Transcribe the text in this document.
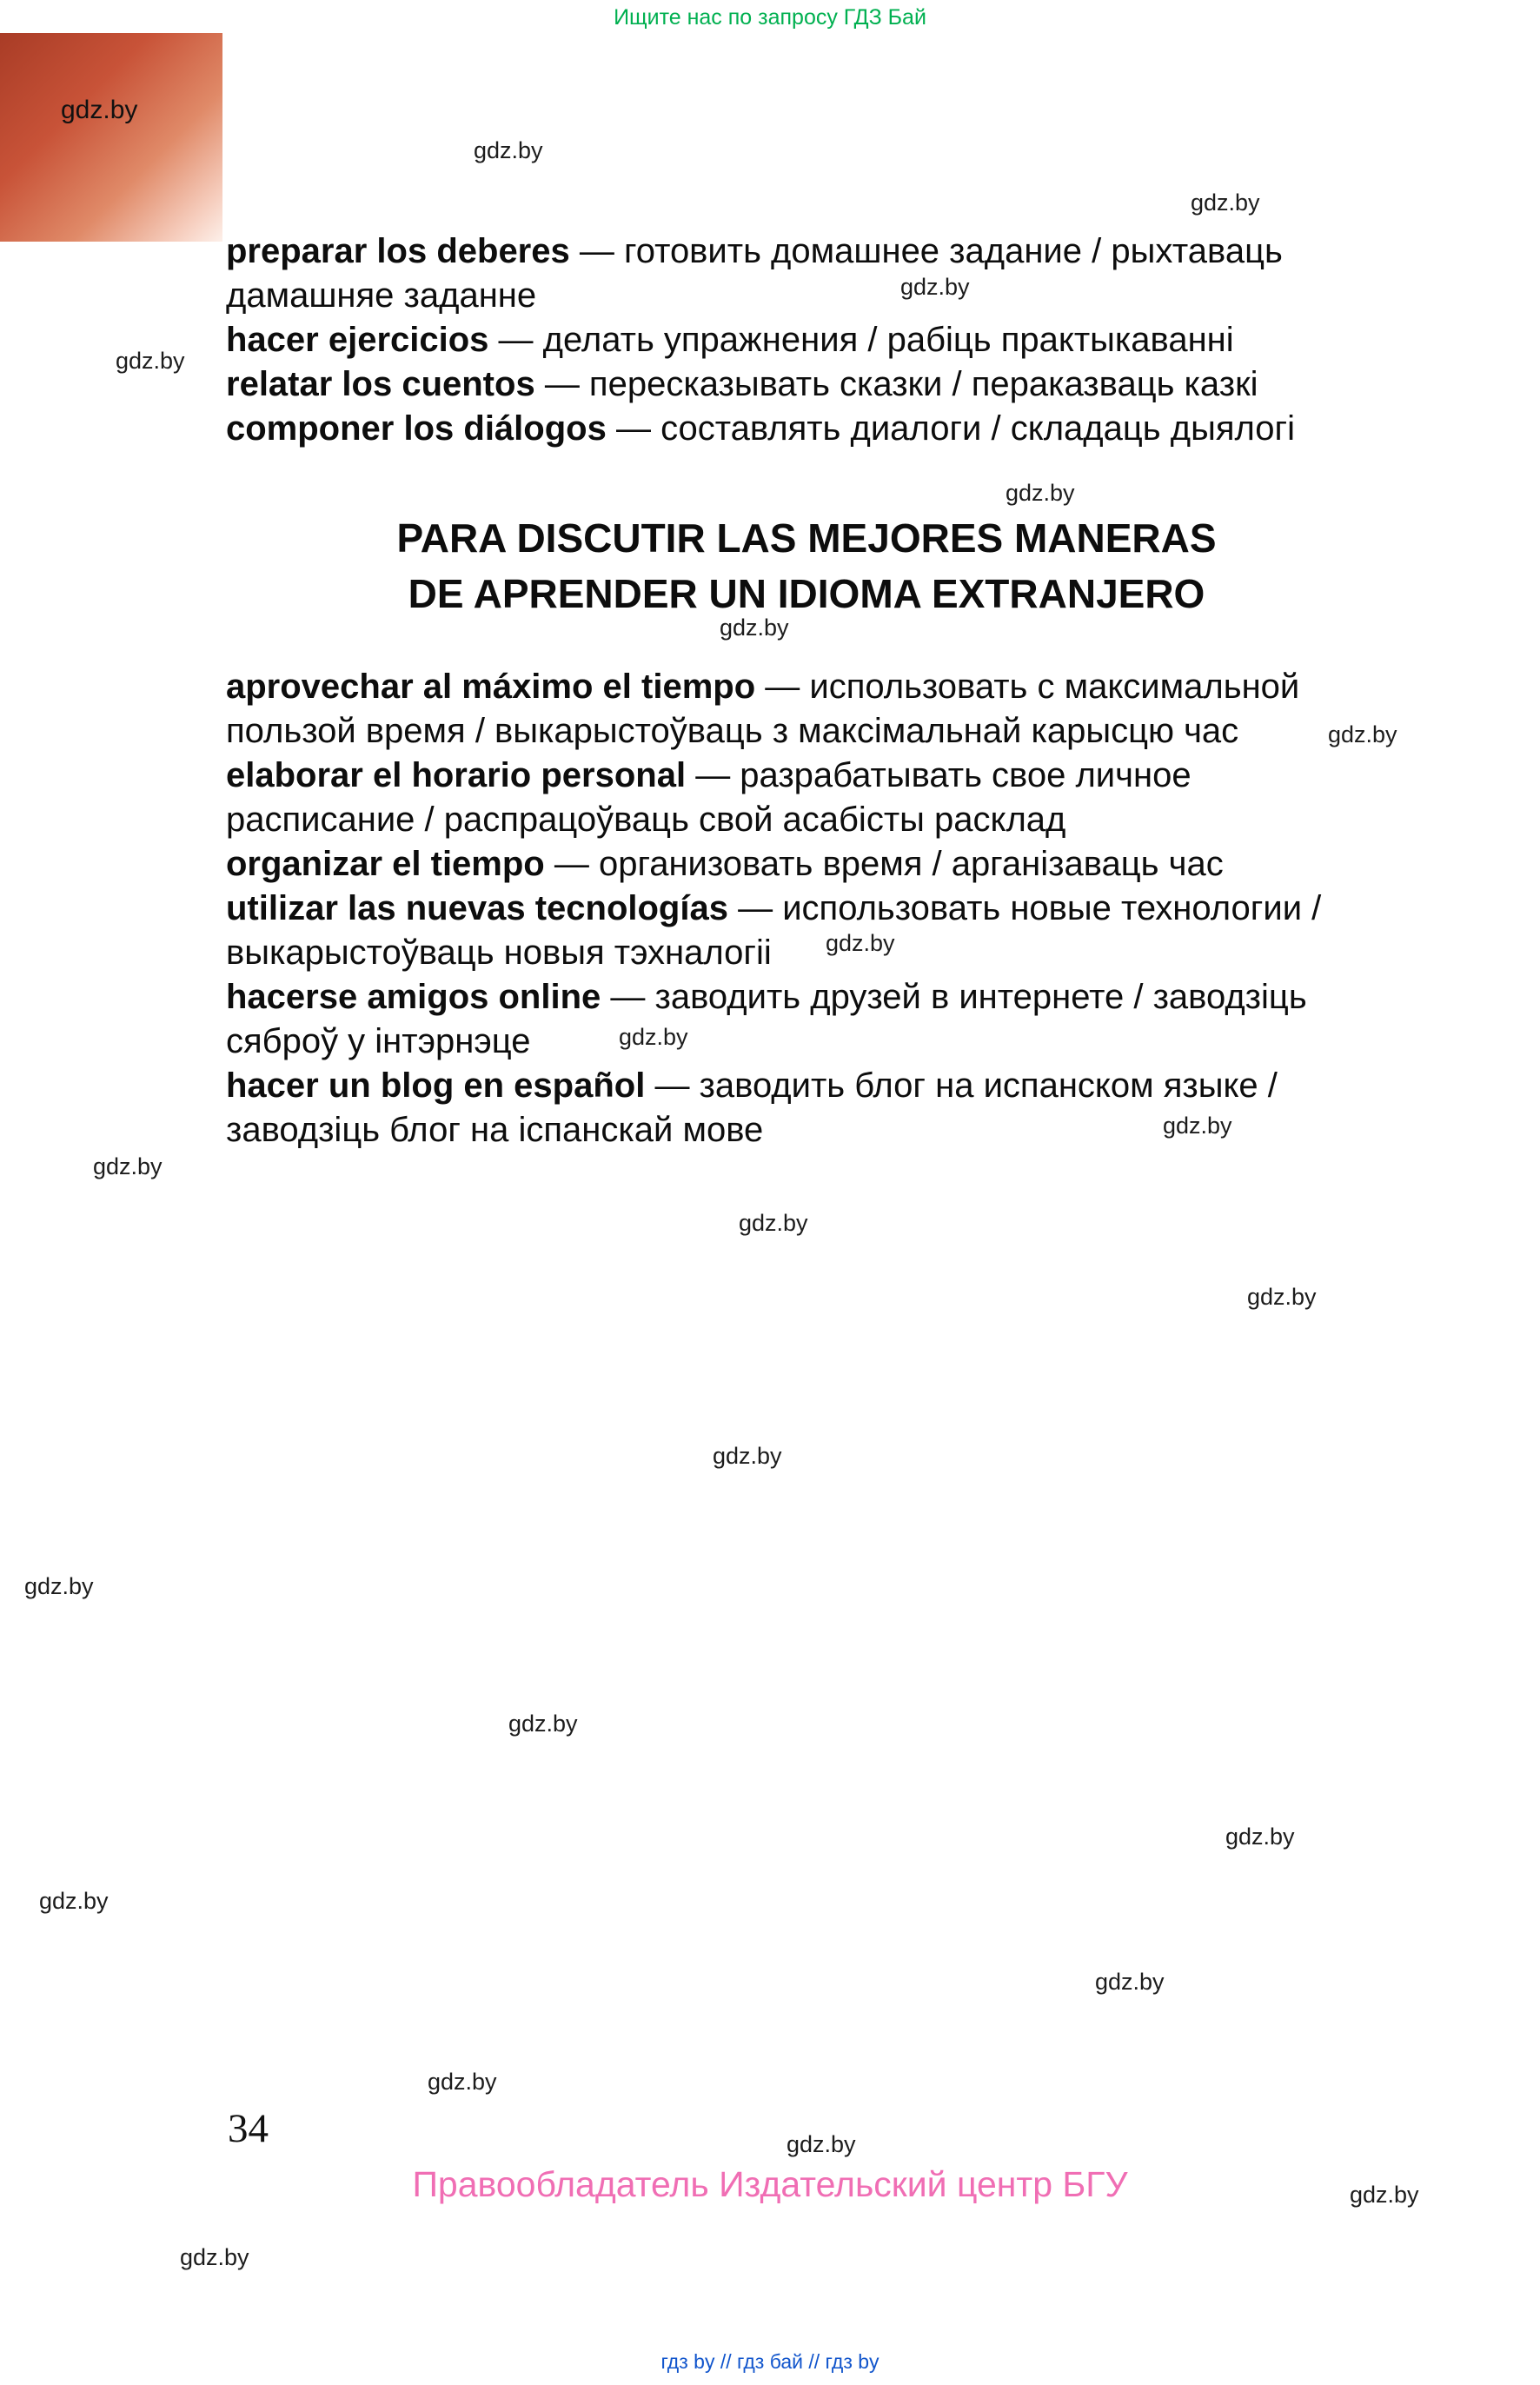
Ищите нас по запросу ГДЗ Бай
gdz.by
gdz.by
gdz.by
gdz.by
gdz.by
gdz.by
gdz.by
gdz.by
gdz.by
gdz.by
gdz.by
gdz.by
gdz.by
gdz.by
gdz.by
gdz.by
gdz.by
gdz.by
gdz.by
gdz.by
gdz.by
gdz.by
gdz.by
gdz.by

preparar los deberes — готовить домашнее задание / рыхтаваць дамашняе заданне

hacer ejercicios — делать упражнения / рабіць практыкаванні

relatar los cuentos — пересказывать сказки / пераказваць казкі

componer los diálogos — составлять диалоги / складаць дыялогі

PARA DISCUTIR LAS MEJORES MANERAS
DE APRENDER UN IDIOMA EXTRANJERO

aprovechar al máximo el tiempo — использовать с максимальной пользой время / выкарыстоўваць з максімальнай карысцю час

elaborar el horario personal — разрабатывать свое личное расписание / распрацоўваць свой асабісты расклад

organizar el tiempo — организовать время / арганізаваць час

utilizar las nuevas tecnologías — использовать новые технологии / выкарыстоўваць новыя тэхналогіі

hacerse amigos online — заводить друзей в интернете / заводзіць сяброў у інтэрнэце

hacer un blog en español — заводить блог на испанском языке / заводзіць блог на іспанскай мове

34
Правообладатель Издательский центр БГУ
гдз by // гдз бай // гдз by
